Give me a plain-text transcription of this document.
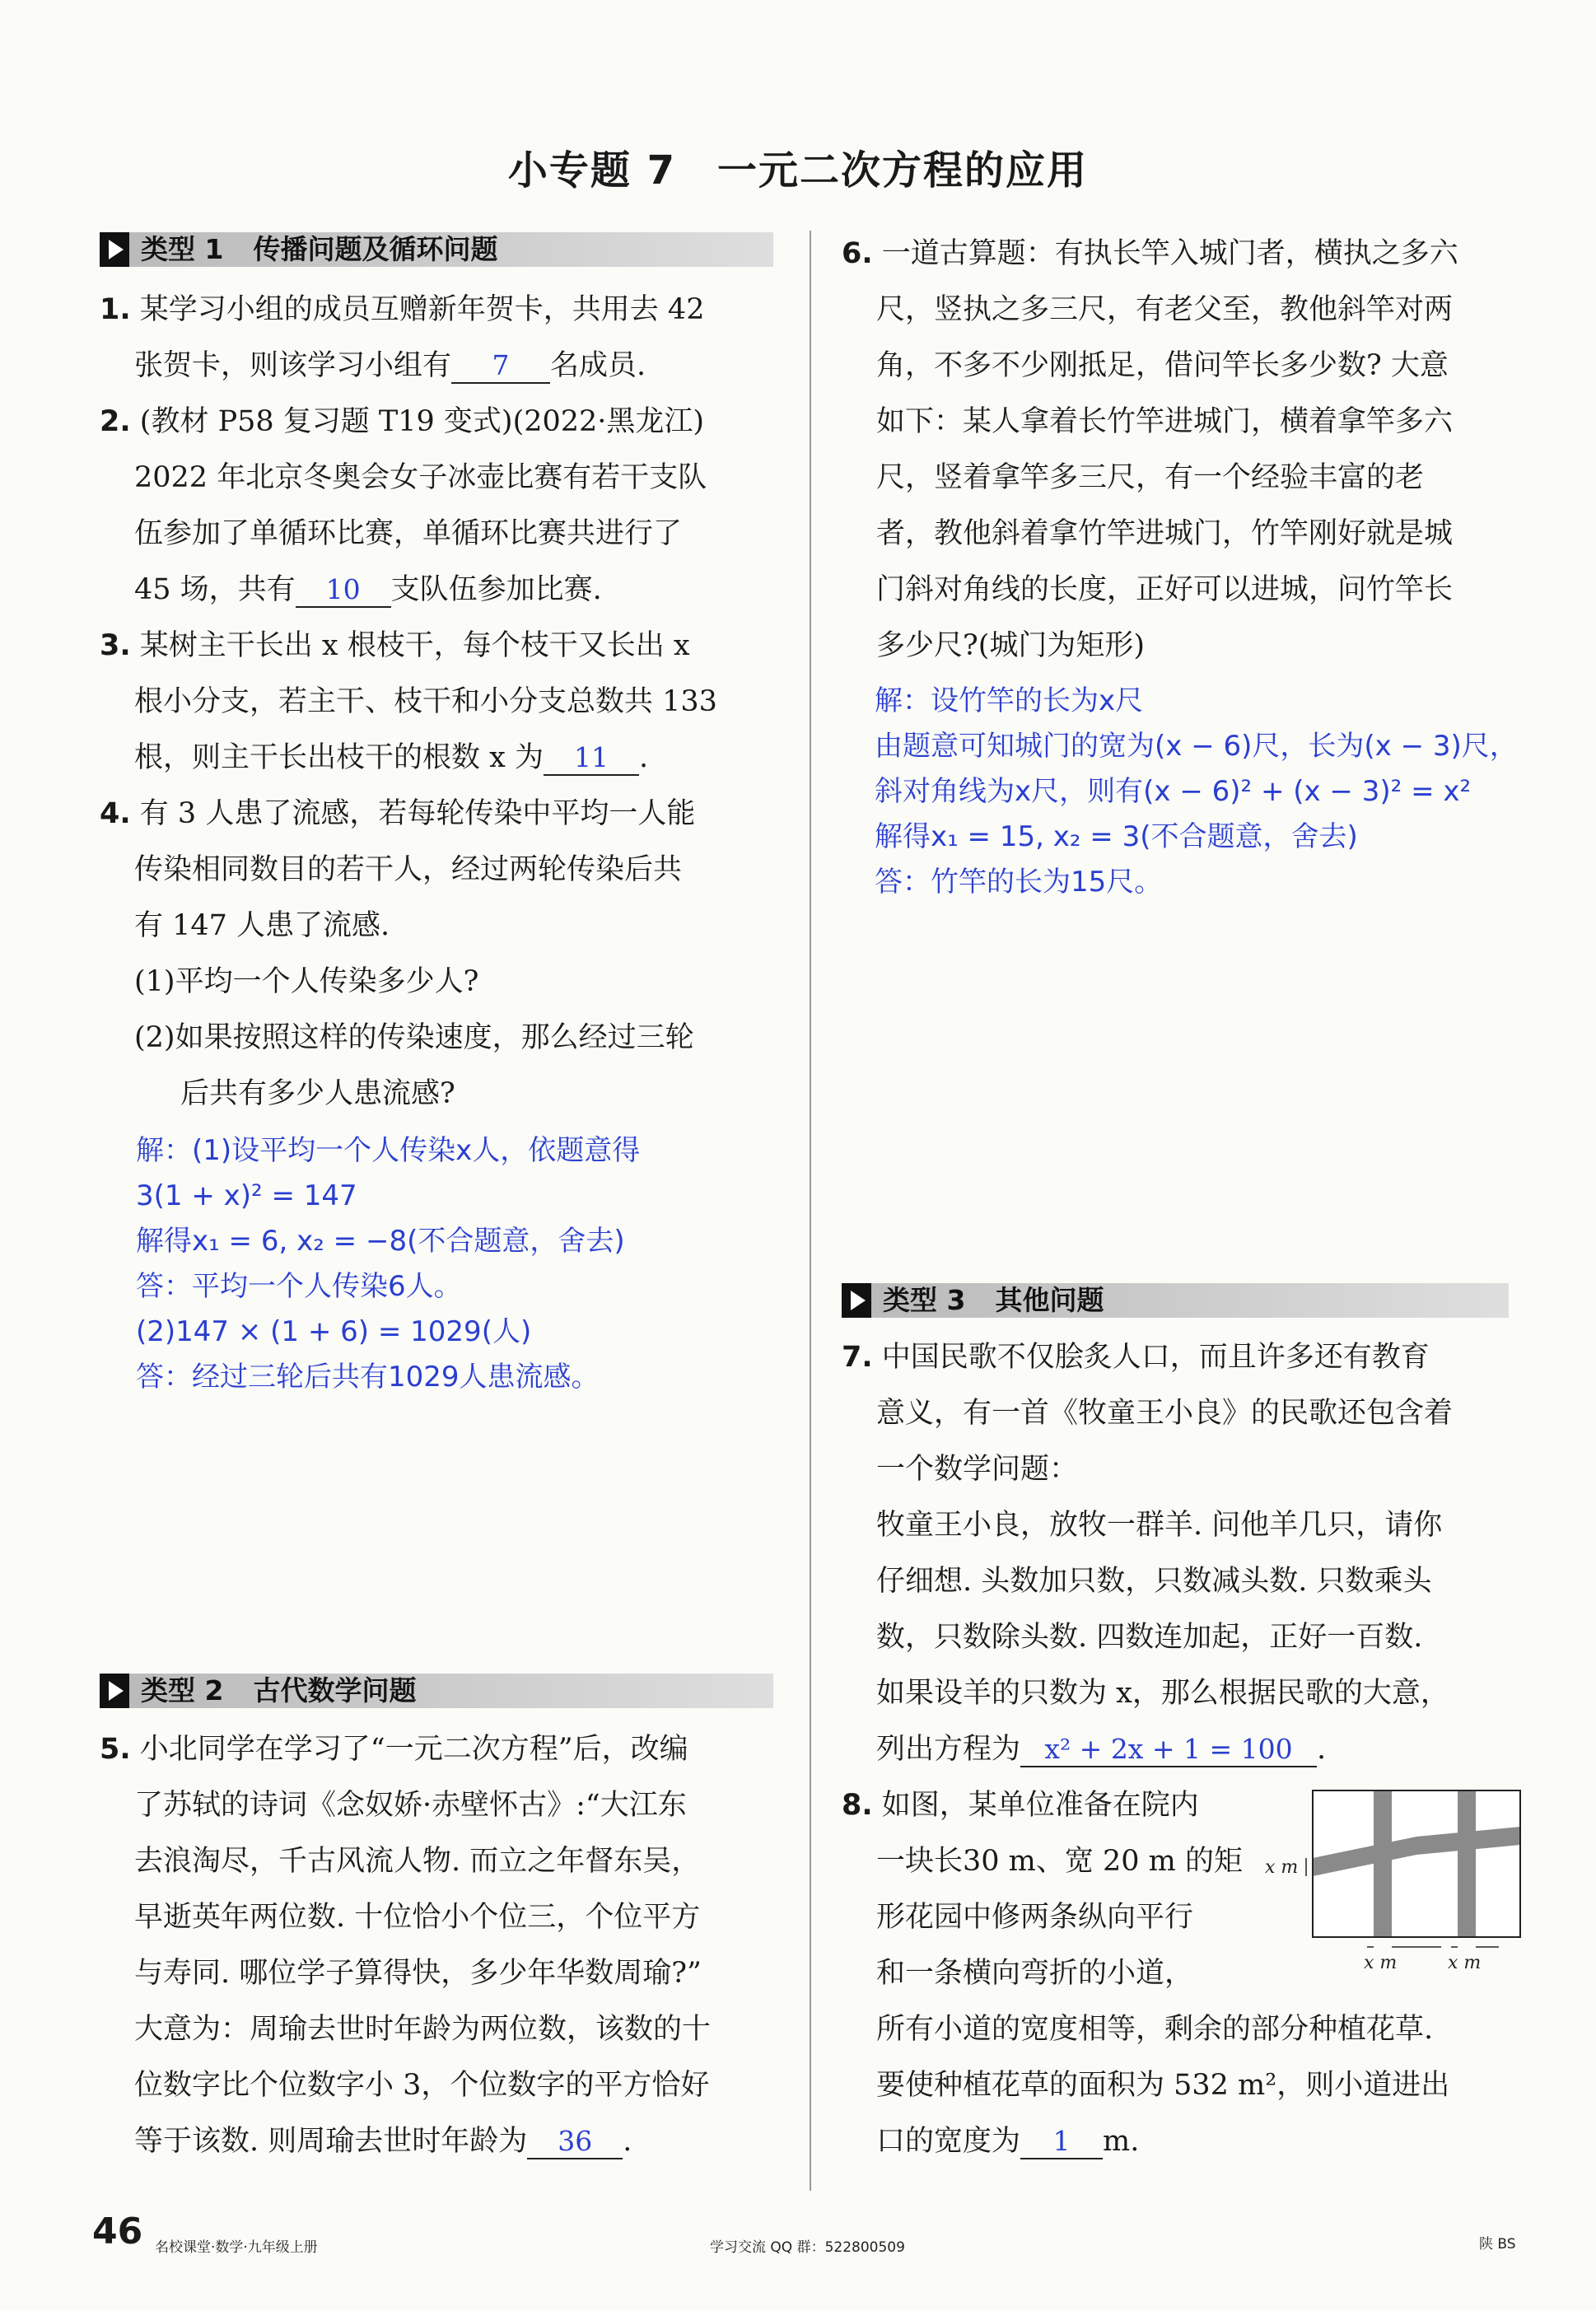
小专题 7 一元二次方程的应用
类型 1 传播问题及循环问题
1. 某学习小组的成员互赠新年贺卡，共用去 42
张贺卡，则该学习小组有 7 名成员.
2. (教材 P58 复习题 T19 变式)(2022·黑龙江)
2022 年北京冬奥会女子冰壶比赛有若干支队
伍参加了单循环比赛，单循环比赛共进行了
45 场，共有 10 支队伍参加比赛.
3. 某树主干长出 x 根枝干，每个枝干又长出 x
根小分支，若主干、枝干和小分支总数共 133
根，则主干长出枝干的根数 x 为 11 .
4. 有 3 人患了流感，若每轮传染中平均一人能
传染相同数目的若干人，经过两轮传染后共
有 147 人患了流感.
(1)平均一个人传染多少人?
(2)如果按照这样的传染速度，那么经过三轮
后共有多少人患流感?
解：(1)设平均一个人传染x人，依题意得
3(1 + x)² = 147
解得x₁ = 6, x₂ = −8(不合题意，舍去)
答：平均一个人传染6人。
(2)147 × (1 + 6) = 1029(人)
答：经过三轮后共有1029人患流感。
类型 2 古代数学问题
5. 小北同学在学习了“一元二次方程”后，改编
了苏轼的诗词《念奴娇·赤壁怀古》:“大江东
去浪淘尽，千古风流人物. 而立之年督东吴，
早逝英年两位数. 十位恰小个位三，个位平方
与寿同. 哪位学子算得快，多少年华数周瑜?”
大意为：周瑜去世时年龄为两位数，该数的十
位数字比个位数字小 3，个位数字的平方恰好
等于该数. 则周瑜去世时年龄为 36 .
6. 一道古算题：有执长竿入城门者，横执之多六
尺，竖执之多三尺，有老父至，教他斜竿对两
角，不多不少刚抵足，借问竿长多少数? 大意
如下：某人拿着长竹竿进城门，横着拿竿多六
尺，竖着拿竿多三尺，有一个经验丰富的老
者，教他斜着拿竹竿进城门，竹竿刚好就是城
门斜对角线的长度，正好可以进城，问竹竿长
多少尺?(城门为矩形)
解：设竹竿的长为x尺
由题意可知城门的宽为(x − 6)尺，长为(x − 3)尺，
斜对角线为x尺，则有(x − 6)² + (x − 3)² = x²
解得x₁ = 15, x₂ = 3(不合题意，舍去)
答：竹竿的长为15尺。
类型 3 其他问题
7. 中国民歌不仅脍炙人口，而且许多还有教育
意义，有一首《牧童王小良》的民歌还包含着
一个数学问题：
牧童王小良，放牧一群羊. 问他羊几只，请你
仔细想. 头数加只数，只数减头数. 只数乘头
数，只数除头数. 四数连加起，正好一百数.
如果设羊的只数为 x，那么根据民歌的大意，
列出方程为 x² + 2x + 1 = 100 .
8. 如图，某单位准备在院内
一块长30 m、宽 20 m 的矩
形花园中修两条纵向平行
和一条横向弯折的小道，
所有小道的宽度相等，剩余的部分种植花草.
要使种植花草的面积为 532 m²，则小道进出
口的宽度为 1 m.
x m
x m	x m
46 名校课堂·数学·九年级上册	学习交流 QQ 群：522800509	陕 BS
